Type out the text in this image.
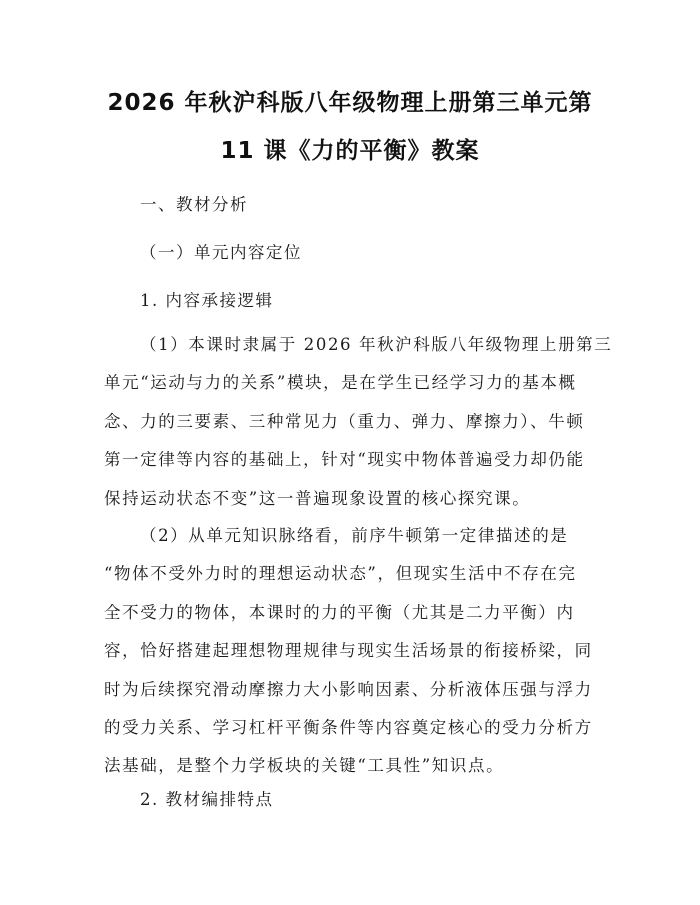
2026 年秋沪科版八年级物理上册第三单元第
11 课《力的平衡》教案
一、教材分析
（一）单元内容定位
1. 内容承接逻辑
（1）本课时隶属于 2026 年秋沪科版八年级物理上册第三
单元“运动与力的关系”模块，是在学生已经学习力的基本概
念、力的三要素、三种常见力（重力、弹力、摩擦力）、牛顿
第一定律等内容的基础上，针对“现实中物体普遍受力却仍能
保持运动状态不变”这一普遍现象设置的核心探究课。
（2）从单元知识脉络看，前序牛顿第一定律描述的是
“物体不受外力时的理想运动状态”，但现实生活中不存在完
全不受力的物体，本课时的力的平衡（尤其是二力平衡）内
容，恰好搭建起理想物理规律与现实生活场景的衔接桥梁，同
时为后续探究滑动摩擦力大小影响因素、分析液体压强与浮力
的受力关系、学习杠杆平衡条件等内容奠定核心的受力分析方
法基础，是整个力学板块的关键“工具性”知识点。
2. 教材编排特点
